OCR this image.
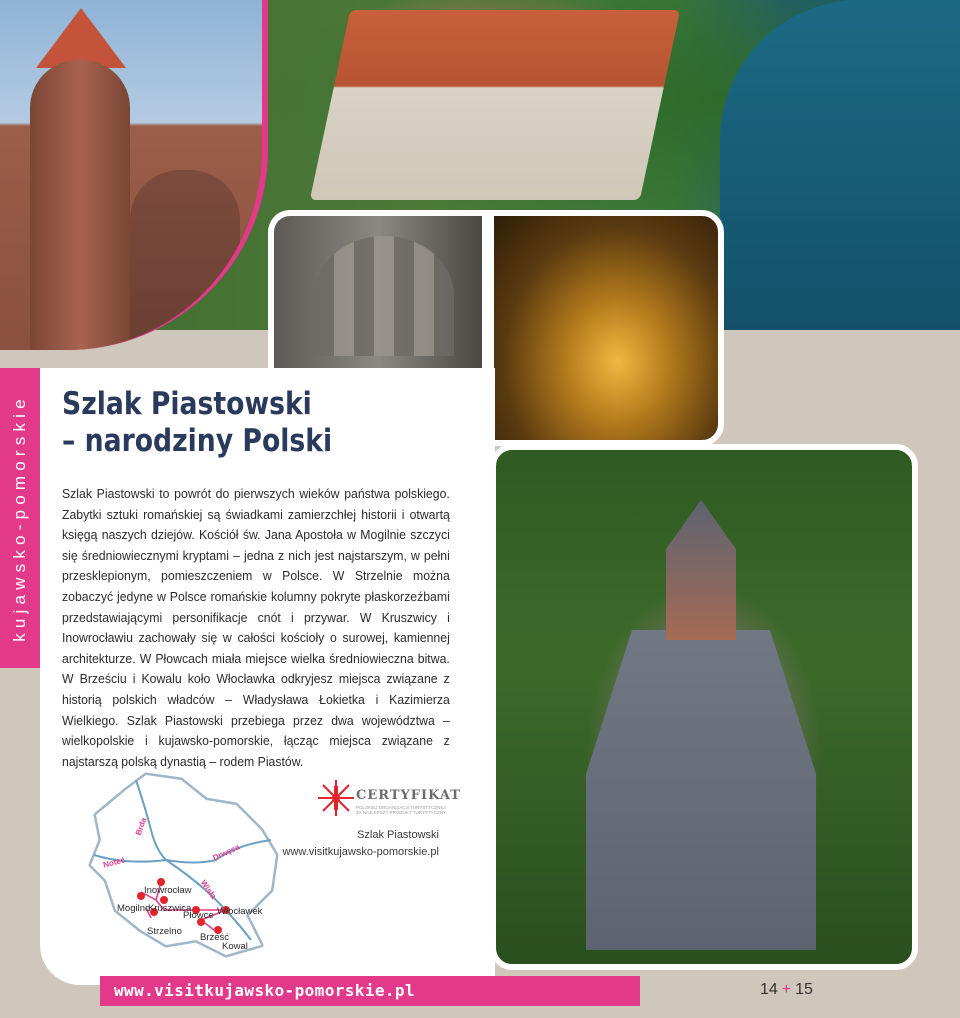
kujawsko-pomorskie Szlak Piastowski
– narodziny Polski

Szlak Piastowski to powrót do pierwszych wieków państwa polskiego. Zabytki sztuki romańskiej są świadkami zamierzchłej historii i otwartą księgą naszych dziejów. Kościół św. Jana Apostoła w Mogilnie szczyci się średniowiecznymi kryptami – jedna z nich jest najstarszym, w pełni przesklepionym, pomieszczeniem w Polsce. W Strzelnie można zobaczyć jedyne w Polsce romańskie kolumny pokryte płaskorzeźbami przedstawiającymi personifikacje cnót i przywar. W Kruszwicy i Inowrocławiu zachowały się w całości kościoły o surowej, kamiennej architekturze. W Płowcach miała miejsce wielka średniowieczna bitwa. W Brześciu i Kowalu koło Włocławka odkryjesz miejsca związane z historią polskich władców – Władysława Łokietka i Kazimierza Wielkiego. Szlak Piastowski przebiega przez dwa województwa – wielkopolskie i kujawsko-pomorskie, łącząc miejsca związane z najstarszą polską dynastią – rodem Piastów.

Brda
Noteć	Drwęca
Wisła
Inowrocław
Mogilno
Kruszwica
Płowce Włocławek
Strzelno
Brześć
Kowal
CERTYFIKAT
POLSKIEJ ORGANIZACJI TURYSTYCZNEJ ZA NAJLEPSZY PRODUKT TURYSTYCZNY
Szlak Piastowski
www.visitkujawsko-pomorskie.pl
www.visitkujawsko-pomorskie.pl	14 + 15
